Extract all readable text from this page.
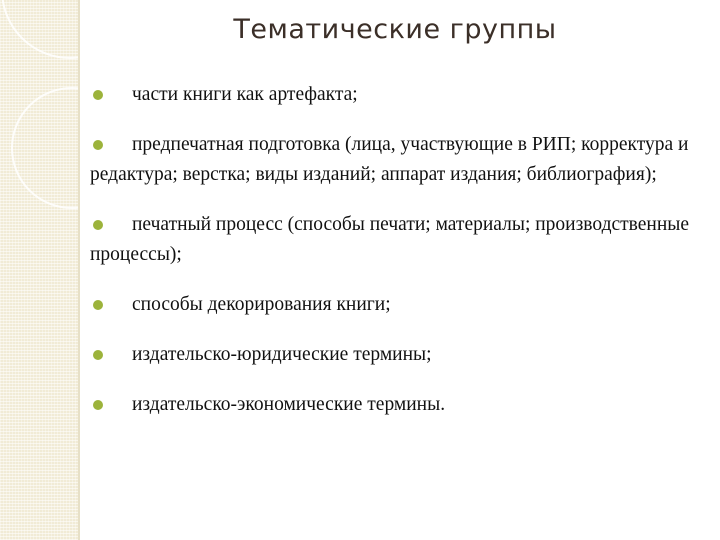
Тематические группы
части книги как артефакта;
предпечатная подготовка (лица, участвующие в РИП; корректура и редактура; верстка; виды изданий; аппарат издания; библиография);
печатный процесс (способы печати; материалы; производственные процессы);
способы декорирования книги;
издательско-юридические термины;
издательско-экономические термины.
